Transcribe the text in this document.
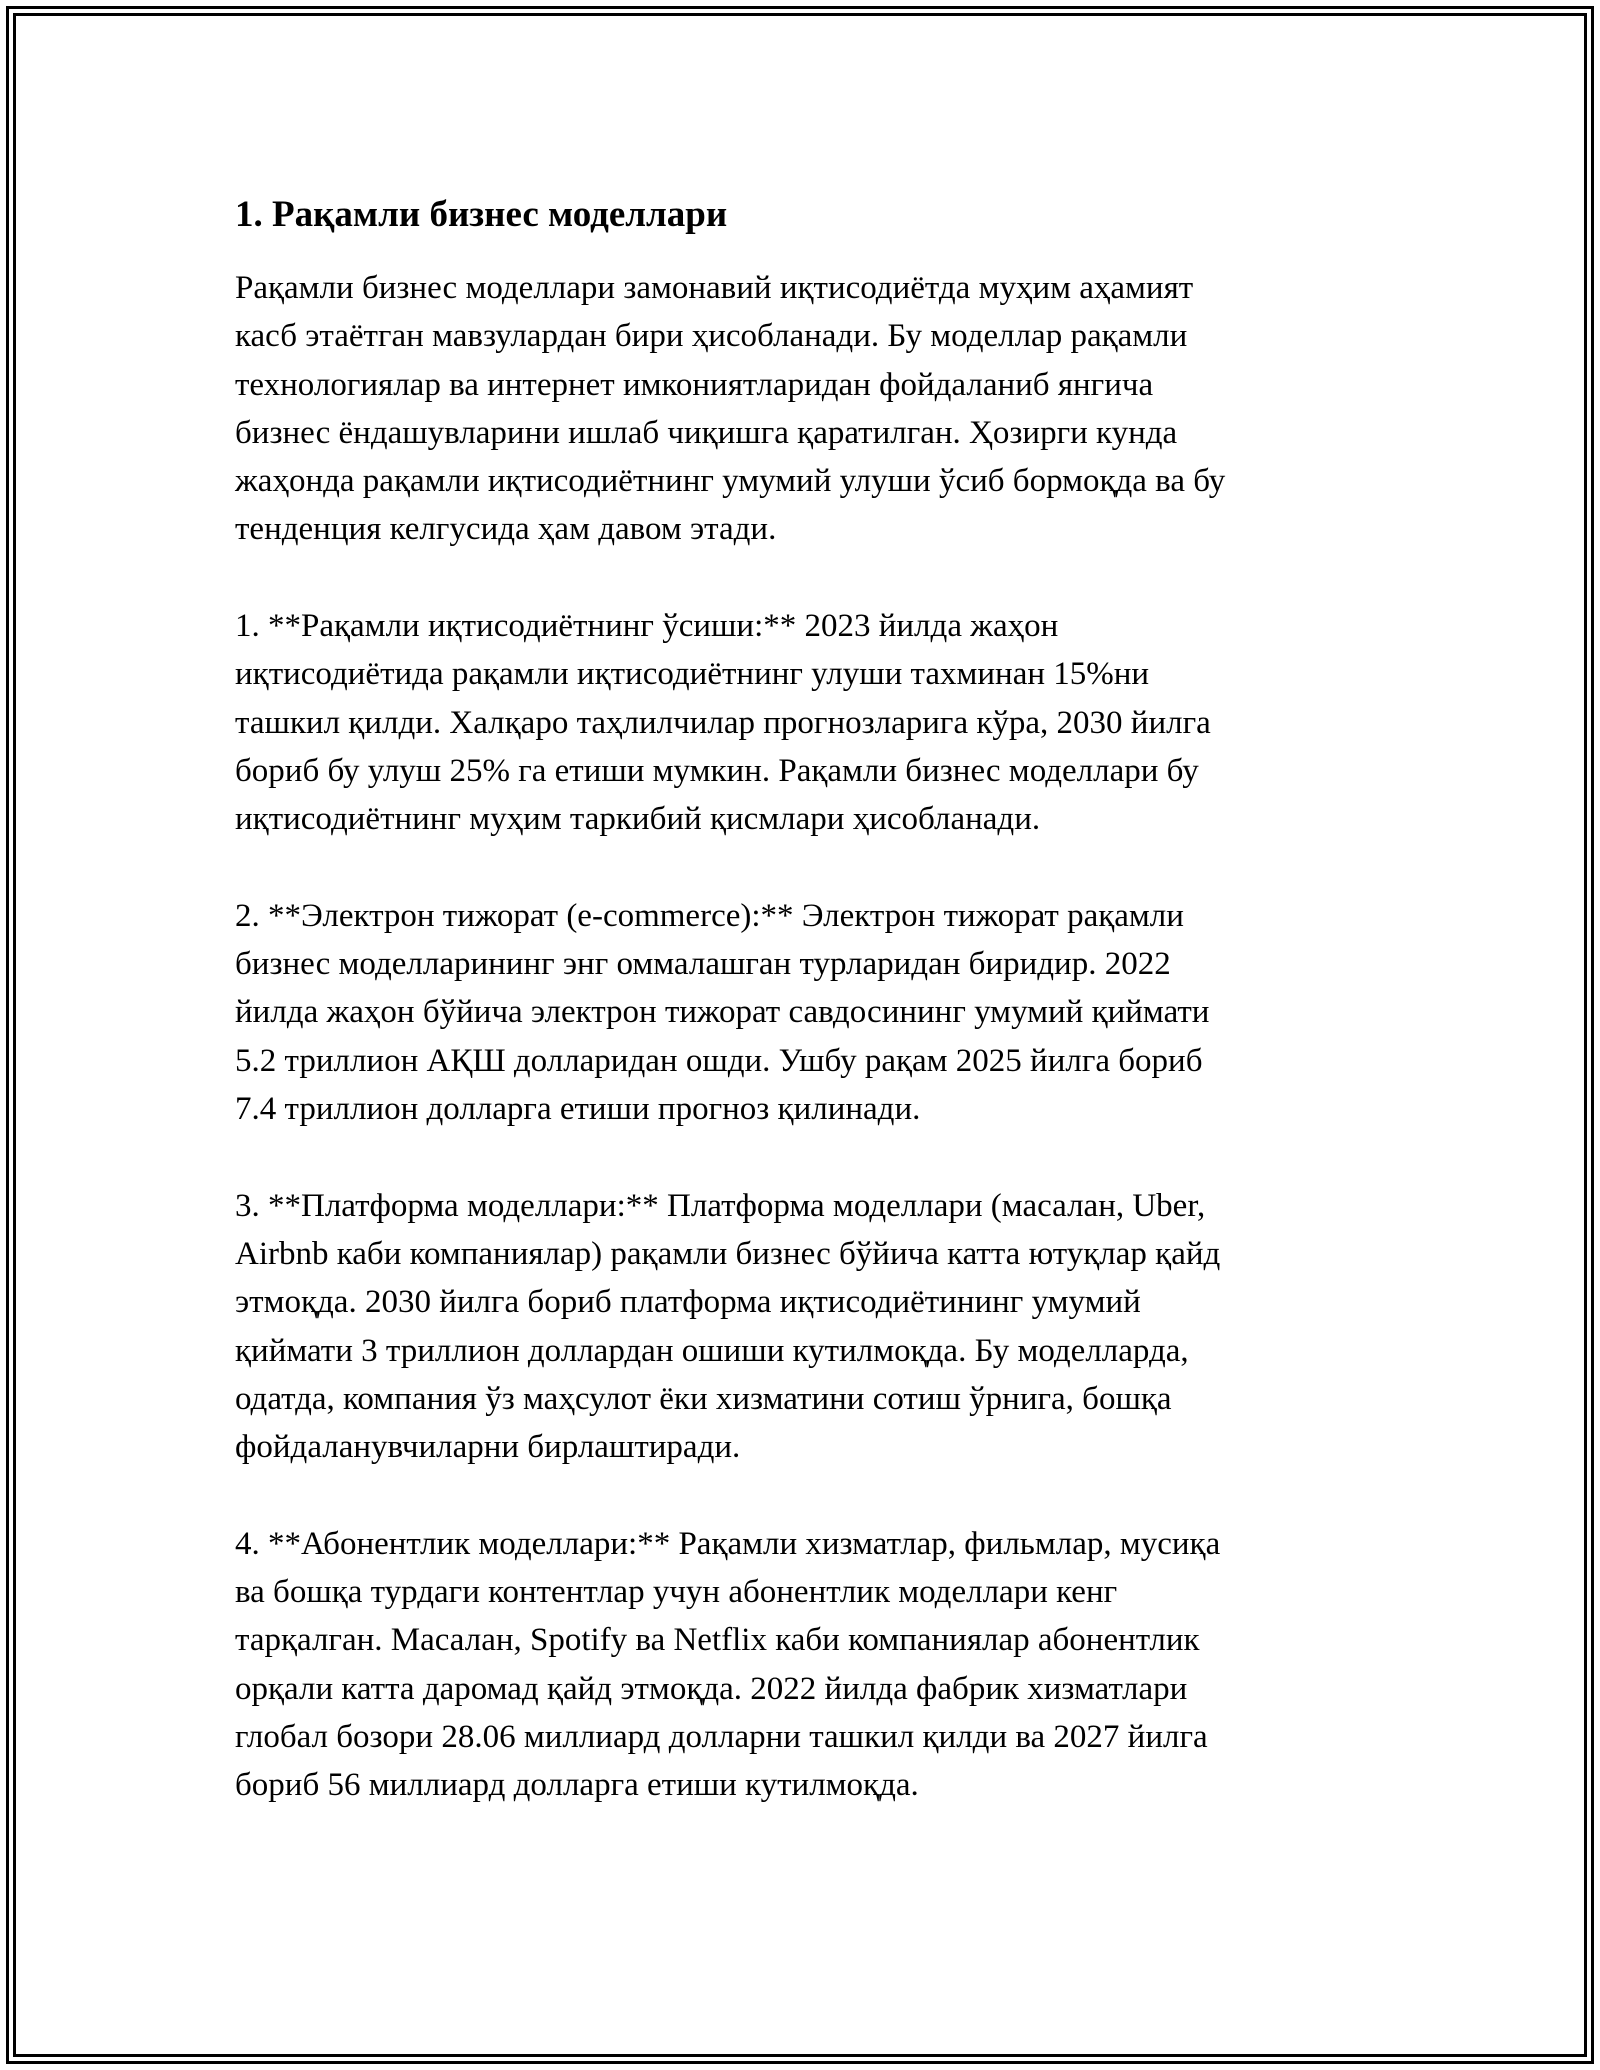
1. Рақамли бизнес моделлари

Рақамли бизнес моделлари замонавий иқтисодиётда муҳим аҳамият
касб этаётган мавзулардан бири ҳисобланади. Бу моделлар рақамли
технологиялар ва интернет имкониятларидан фойдаланиб янгича
бизнес ёндашувларини ишлаб чиқишга қаратилган. Ҳозирги кунда
жаҳонда рақамли иқтисодиётнинг умумий улуши ўсиб бормоқда ва бу
тенденция келгусида ҳам давом этади.

1. **Рақамли иқтисодиётнинг ўсиши:** 2023 йилда жаҳон
иқтисодиётида рақамли иқтисодиётнинг улуши тахминан 15%ни
ташкил қилди. Халқаро таҳлилчилар прогнозларига кўра, 2030 йилга
бориб бу улуш 25% га етиши мумкин. Рақамли бизнес моделлари бу
иқтисодиётнинг муҳим таркибий қисмлари ҳисобланади.

2. **Электрон тижорат (e-commerce):** Электрон тижорат рақамли
бизнес моделларининг энг оммалашган турларидан биридир. 2022
йилда жаҳон бўйича электрон тижорат савдосининг умумий қиймати
5.2 триллион АҚШ долларидан ошди. Ушбу рақам 2025 йилга бориб
7.4 триллион долларга етиши прогноз қилинади.

3. **Платформа моделлари:** Платформа моделлари (масалан, Uber,
Airbnb каби компаниялар) рақамли бизнес бўйича катта ютуқлар қайд
этмоқда. 2030 йилга бориб платформа иқтисодиётининг умумий
қиймати 3 триллион доллардан ошиши кутилмоқда. Бу моделларда,
одатда, компания ўз маҳсулот ёки хизматини сотиш ўрнига, бошқа
фойдаланувчиларни бирлаштиради.

4. **Абонентлик моделлари:** Рақамли хизматлар, фильмлар, мусиқа
ва бошқа турдаги контентлар учун абонентлик моделлари кенг
тарқалган. Масалан, Spotify ва Netflix каби компаниялар абонентлик
орқали катта даромад қайд этмоқда. 2022 йилда фабрик хизматлари
глобал бозори 28.06 миллиард долларни ташкил қилди ва 2027 йилга
бориб 56 миллиард долларга етиши кутилмоқда.
